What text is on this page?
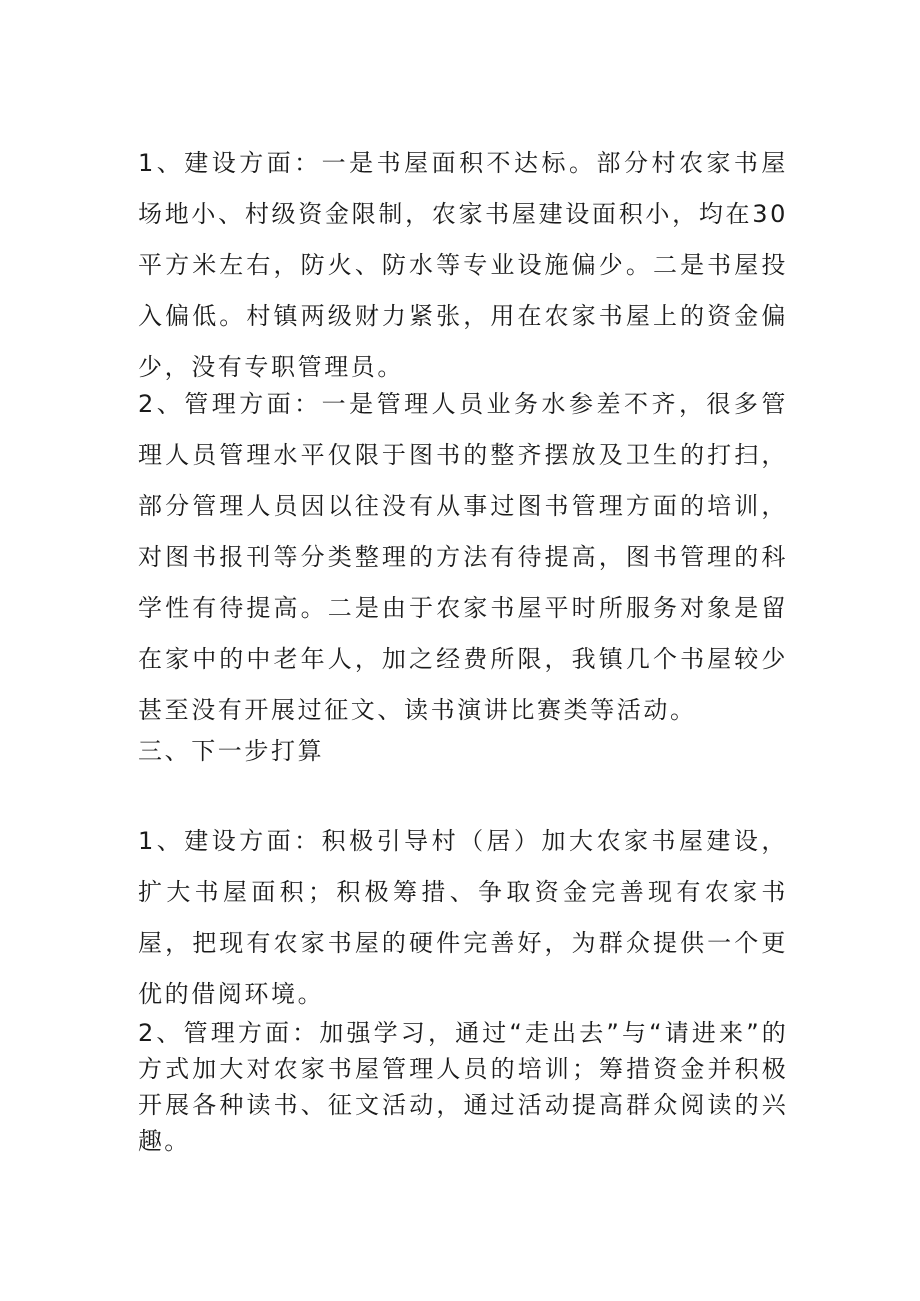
1、建设方面：一是书屋面积不达标。部分村农家书屋场地小、村级资金限制，农家书屋建设面积小，均在30平方米左右，防火、防水等专业设施偏少。二是书屋投入偏低。村镇两级财力紧张，用在农家书屋上的资金偏少，没有专职管理员。

2、管理方面：一是管理人员业务水参差不齐，很多管理人员管理水平仅限于图书的整齐摆放及卫生的打扫，部分管理人员因以往没有从事过图书管理方面的培训，对图书报刊等分类整理的方法有待提高，图书管理的科学性有待提高。二是由于农家书屋平时所服务对象是留在家中的中老年人，加之经费所限，我镇几个书屋较少甚至没有开展过征文、读书演讲比赛类等活动。

三、下一步打算

1、建设方面：积极引导村（居）加大农家书屋建设，扩大书屋面积；积极筹措、争取资金完善现有农家书屋，把现有农家书屋的硬件完善好，为群众提供一个更优的借阅环境。

2、管理方面：加强学习，通过“走出去”与“请进来”的方式加大对农家书屋管理人员的培训；筹措资金并积极开展各种读书、征文活动，通过活动提高群众阅读的兴趣。
